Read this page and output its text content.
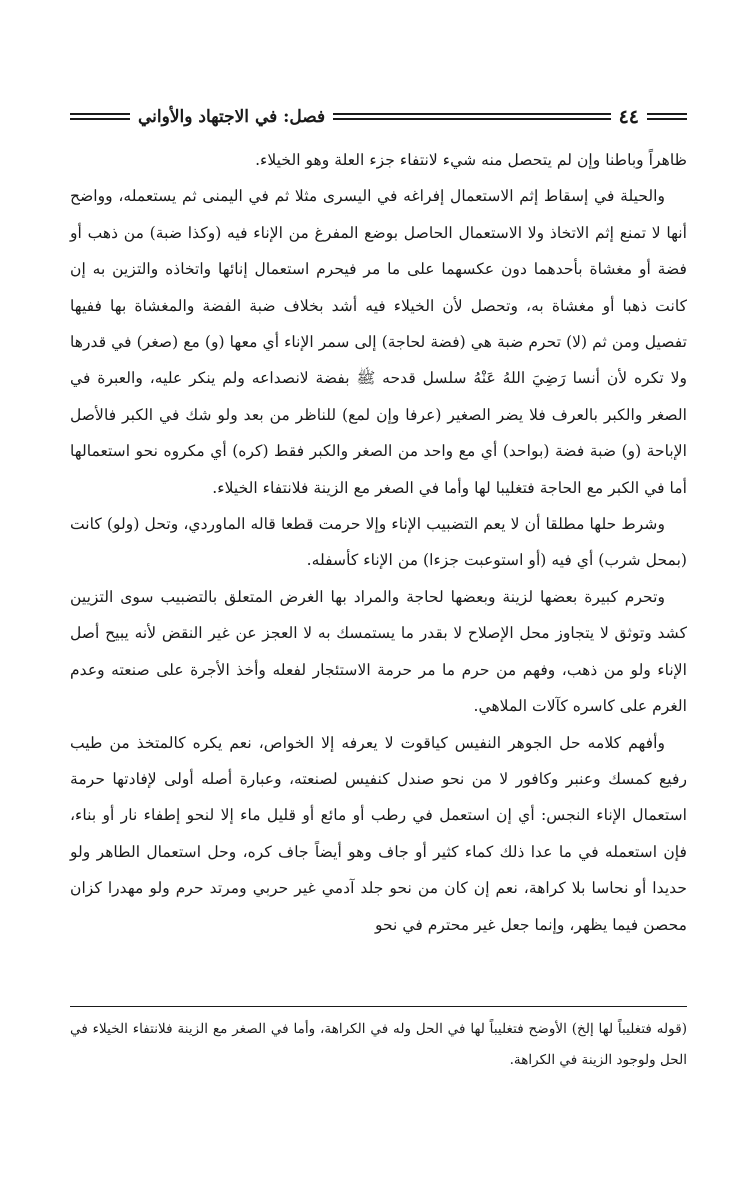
٤٤
فصل: في الاجتهاد والأواني

ظاهراً وباطنا وإن لم يتحصل منه شيء لانتفاء جزء العلة وهو الخيلاء.

والحيلة في إسقاط إثم الاستعمال إفراغه في اليسرى مثلا ثم في اليمنى ثم يستعمله، وواضح أنها لا تمنع إثم الاتخاذ ولا الاستعمال الحاصل بوضع المفرغ من الإناء فيه (وكذا ضبة) من ذهب أو فضة أو مغشاة بأحدهما دون عكسهما على ما مر فيحرم استعمال إنائها واتخاذه والتزين به إن كانت ذهبا أو مغشاة به، وتحصل لأن الخيلاء فيه أشد بخلاف ضبة الفضة والمغشاة بها ففيها تفصيل ومن ثم (لا) تحرم ضبة هي (فضة لحاجة) إلى سمر الإناء أي معها (و) مع (صغر) في قدرها ولا تكره لأن أنسا رَضِيَ اللهُ عَنْهُ سلسل قدحه ﷺ بفضة لانصداعه ولم ينكر عليه، والعبرة في الصغر والكبر بالعرف فلا يضر الصغير (عرفا وإن لمع) للناظر من بعد ولو شك في الكبر فالأصل الإباحة (و) ضبة فضة (بواحد) أي مع واحد من الصغر والكبر فقط (كره) أي مكروه نحو استعمالها أما في الكبر مع الحاجة فتغليبا لها وأما في الصغر مع الزينة فلانتفاء الخيلاء.

وشرط حلها مطلقا أن لا يعم التضبيب الإناء وإلا حرمت قطعا قاله الماوردي، وتحل (ولو) كانت (بمحل شرب) أي فيه (أو استوعبت جزءا) من الإناء كأسفله.

وتحرم كبيرة بعضها لزينة وبعضها لحاجة والمراد بها الغرض المتعلق بالتضبيب سوى التزيين كشد وتوثق لا يتجاوز محل الإصلاح لا بقدر ما يستمسك به لا العجز عن غير النقض لأنه يبيح أصل الإناء ولو من ذهب، وفهم من حرم ما مر حرمة الاستئجار لفعله وأخذ الأجرة على صنعته وعدم الغرم على كاسره كآلات الملاهي.

وأفهم كلامه حل الجوهر النفيس كياقوت لا يعرفه إلا الخواص، نعم يكره كالمتخذ من طيب رفيع كمسك وعنبر وكافور لا من نحو صندل كنفيس لصنعته، وعبارة أصله أولى لإفادتها حرمة استعمال الإناء النجس: أي إن استعمل في رطب أو مائع أو قليل ماء إلا لنحو إطفاء نار أو بناء، فإن استعمله في ما عدا ذلك كماء كثير أو جاف وهو أيضاً جاف كره، وحل استعمال الطاهر ولو حديدا أو نحاسا بلا كراهة، نعم إن كان من نحو جلد آدمي غير حربي ومرتد حرم ولو مهدرا كزان محصن فيما يظهر، وإنما جعل غير محترم في نحو

(قوله فتغليباً لها إلخ) الأوضح فتغليباً لها في الحل وله في الكراهة، وأما في الصغر مع الزينة فلانتفاء الخيلاء في الحل ولوجود الزينة في الكراهة.
